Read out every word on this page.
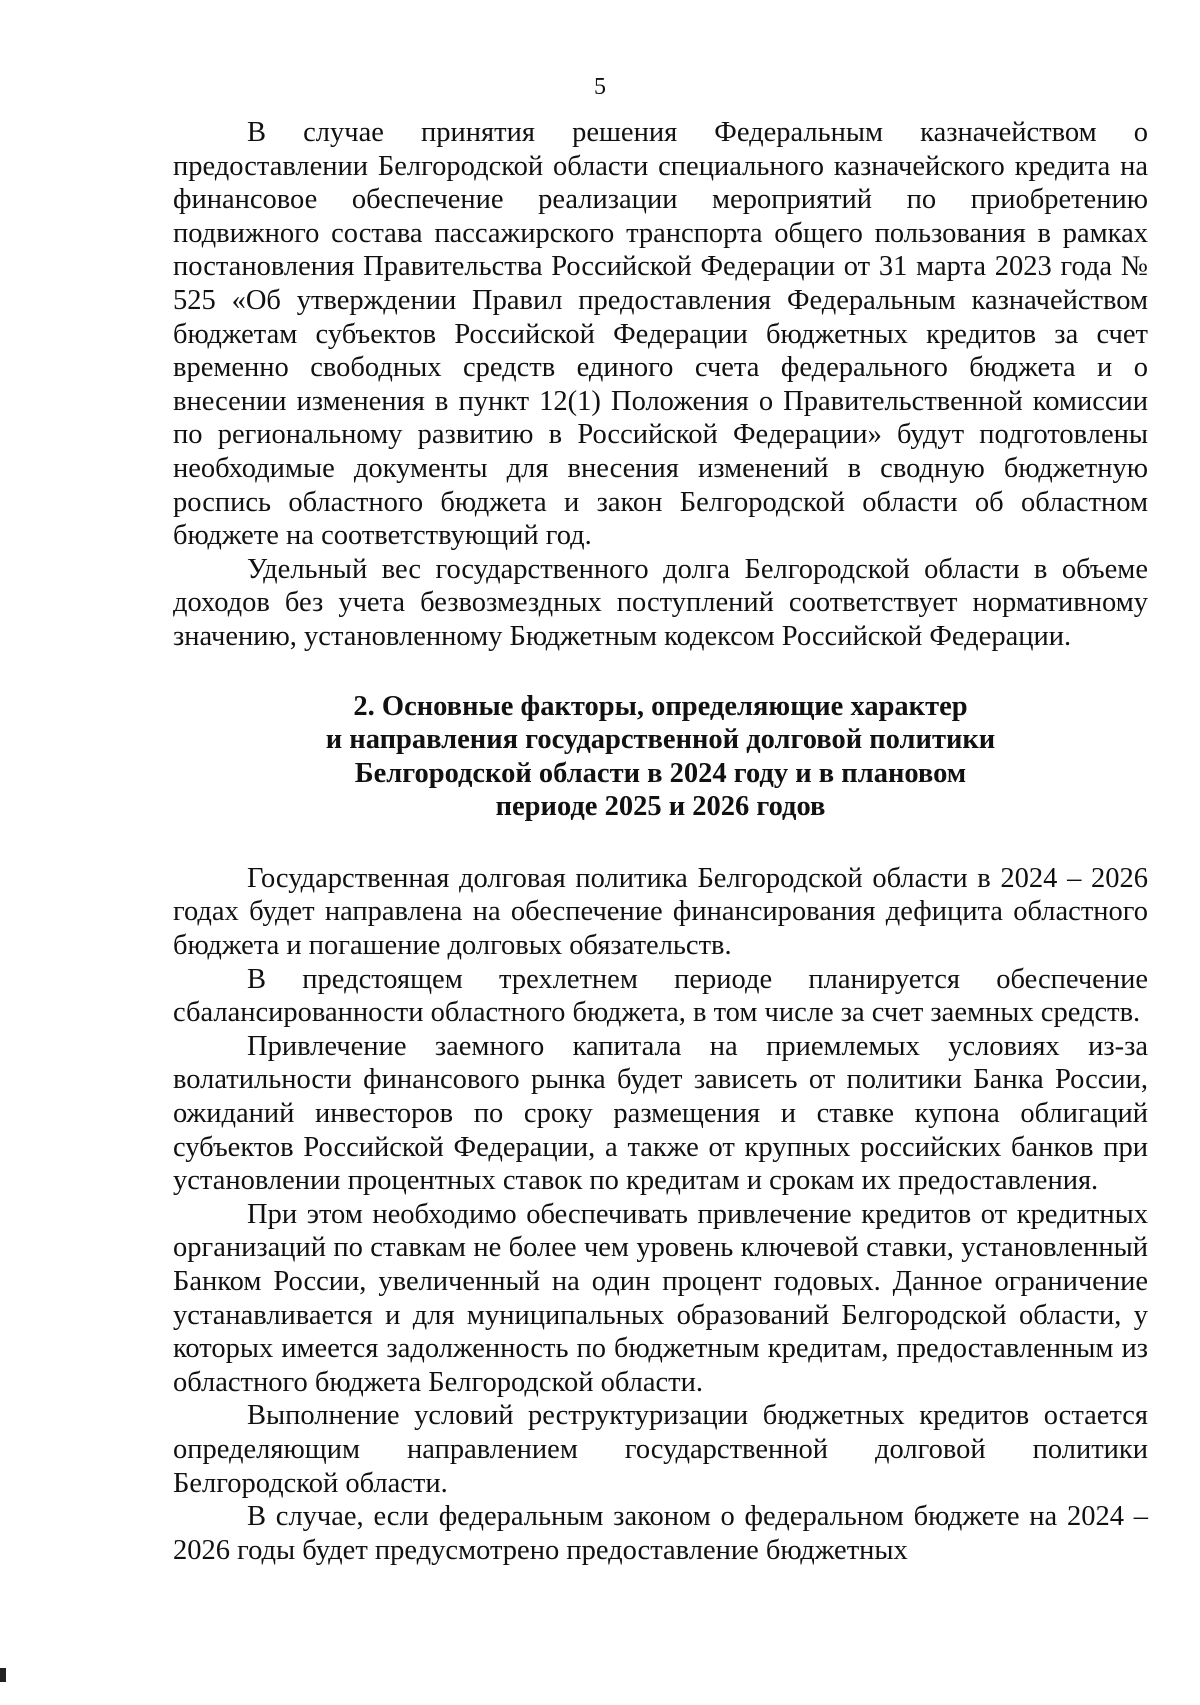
5

В случае принятия решения Федеральным казначейством о предоставлении Белгородской области специального казначейского кредита на финансовое обеспечение реализации мероприятий по приобретению подвижного состава пассажирского транспорта общего пользования в рамках постановления Правительства Российской Федерации от 31 марта 2023 года № 525 «Об утверждении Правил предоставления Федеральным казначейством бюджетам субъектов Российской Федерации бюджетных кредитов за счет временно свободных средств единого счета федерального бюджета и о внесении изменения в пункт 12(1) Положения о Правительственной комиссии по региональному развитию в Российской Федерации» будут подготовлены необходимые документы для внесения изменений в сводную бюджетную роспись областного бюджета и закон Белгородской области об областном бюджете на соответствующий год.

Удельный вес государственного долга Белгородской области в объеме доходов без учета безвозмездных поступлений соответствует нормативному значению, установленному Бюджетным кодексом Российской Федерации.

2. Основные факторы, определяющие характер
и направления государственной долговой политики
Белгородской области в 2024 году и в плановом
периоде 2025 и 2026 годов

Государственная долговая политика Белгородской области в 2024 – 2026 годах будет направлена на обеспечение финансирования дефицита областного бюджета и погашение долговых обязательств.

В предстоящем трехлетнем периоде планируется обеспечение сбалансированности областного бюджета, в том числе за счет заемных средств.

Привлечение заемного капитала на приемлемых условиях из-за волатильности финансового рынка будет зависеть от политики Банка России, ожиданий инвесторов по сроку размещения и ставке купона облигаций субъектов Российской Федерации, а также от крупных российских банков при установлении процентных ставок по кредитам и срокам их предоставления.

При этом необходимо обеспечивать привлечение кредитов от кредитных организаций по ставкам не более чем уровень ключевой ставки, установленный Банком России, увеличенный на один процент годовых. Данное ограничение устанавливается и для муниципальных образований Белгородской области, у которых имеется задолженность по бюджетным кредитам, предоставленным из областного бюджета Белгородской области.

Выполнение условий реструктуризации бюджетных кредитов остается определяющим направлением государственной долговой политики Белгородской области.

В случае, если федеральным законом о федеральном бюджете на 2024 – 2026 годы будет предусмотрено предоставление бюджетных
